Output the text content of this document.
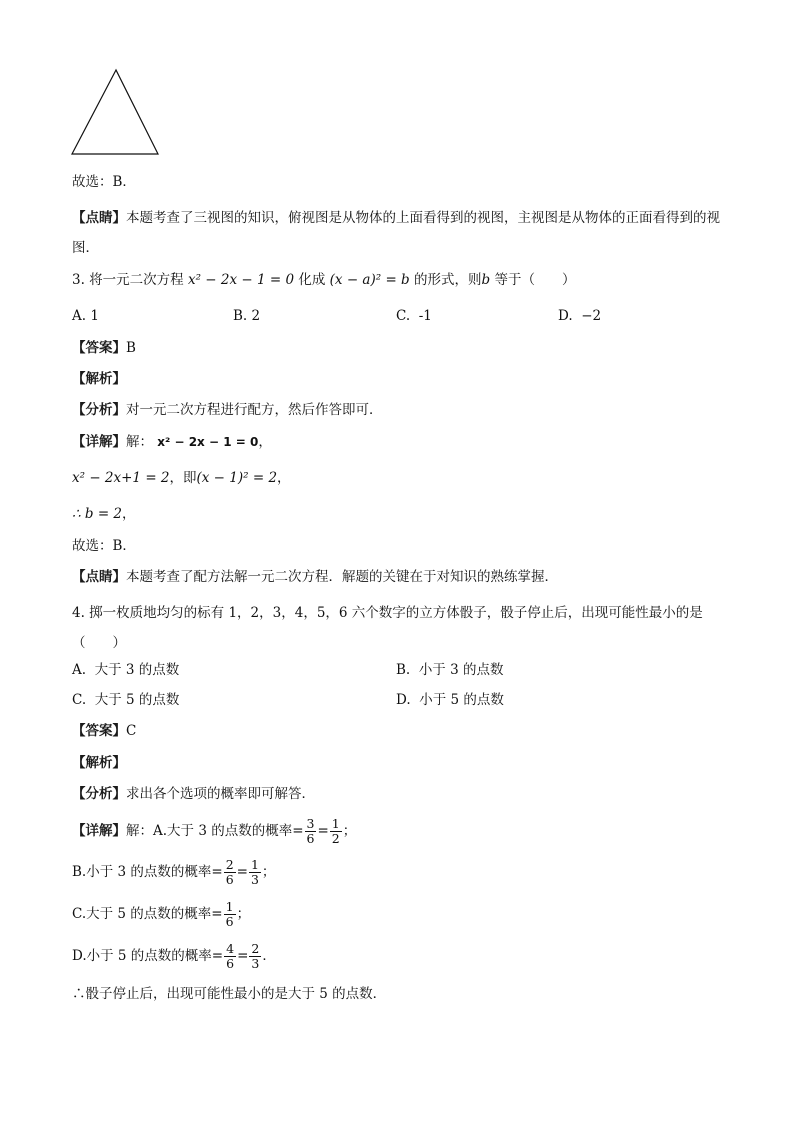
故选：B．
【点睛】本题考查了三视图的知识，俯视图是从物体的上面看得到的视图，主视图是从物体的正面看得到的视图．
3. 将一元二次方程 x² − 2x − 1 = 0 化成 (x − a)² = b 的形式，则b 等于（　　）
A. 1	B. 2	C. -1	D. −2
【答案】B
【解析】
【分析】对一元二次方程进行配方，然后作答即可．
【详解】解： x² − 2x − 1 = 0，
x² − 2x+1 = 2，即(x − 1)² = 2，
∴ b = 2，
故选：B．
【点睛】本题考查了配方法解一元二次方程．解题的关键在于对知识的熟练掌握．
4. 掷一枚质地均匀的标有 1，2，3，4，5，6 六个数字的立方体骰子，骰子停止后，出现可能性最小的是（　　）
A. 大于 3 的点数	B. 小于 3 的点数
C. 大于 5 的点数	D. 小于 5 的点数
【答案】C
【解析】
【分析】求出各个选项的概率即可解答．
【详解】解：A.大于 3 的点数的概率= $\frac{3}{6} = \frac{1}{2}$ ；
B.小于 3 的点数的概率= $\frac{2}{6} = \frac{1}{3}$ ；
C.大于 5 的点数的概率= $\frac{1}{6}$ ；
D.小于 5 的点数的概率= $\frac{4}{6} = \frac{2}{3}$ ．
∴骰子停止后，出现可能性最小的是大于 5 的点数．
